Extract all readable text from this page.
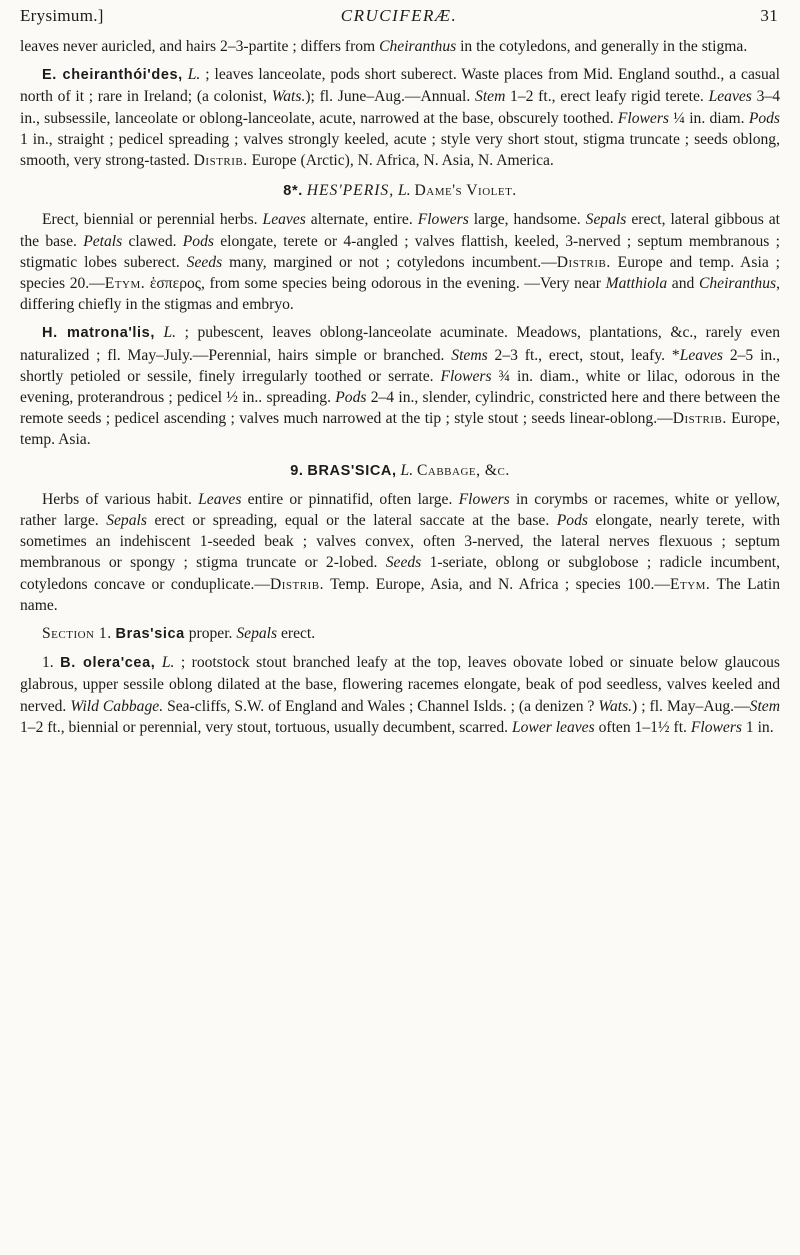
Erysimum.]	CRUCIFERÆ.	31

leaves never auricled, and hairs 2–3-partite ; differs from Cheiranthus in the cotyledons, and generally in the stigma.

E. cheiranthói'des, L. ; leaves lanceolate, pods short suberect. Waste places from Mid. England southd., a casual north of it ; rare in Ireland; (a colonist, Wats.); fl. June–Aug.—Annual. Stem 1–2 ft., erect leafy rigid terete. Leaves 3–4 in., subsessile, lanceolate or oblong-lanceolate, acute, narrowed at the base, obscurely toothed. Flowers ¼ in. diam. Pods 1 in., straight ; pedicel spreading ; valves strongly keeled, acute ; style very short stout, stigma truncate ; seeds oblong, smooth, very strong-tasted. Distrib. Europe (Arctic), N. Africa, N. Asia, N. America.

8*. HES'PERIS, L. Dame's Violet.

Erect, biennial or perennial herbs. Leaves alternate, entire. Flowers large, handsome. Sepals erect, lateral gibbous at the base. Petals clawed. Pods elongate, terete or 4-angled ; valves flattish, keeled, 3-nerved ; septum membranous ; stigmatic lobes suberect. Seeds many, margined or not ; cotyledons incumbent.—Distrib. Europe and temp. Asia ; species 20.—Etym. ἑσπερος, from some species being odorous in the evening. —Very near Matthiola and Cheiranthus, differing chiefly in the stigmas and embryo.

H. matrona'lis, L. ; pubescent, leaves oblong-lanceolate acuminate. Meadows, plantations, &c., rarely even naturalized ; fl. May–July.—Perennial, hairs simple or branched. Stems 2–3 ft., erect, stout, leafy. *Leaves 2–5 in., shortly petioled or sessile, finely irregularly toothed or serrate. Flowers ¾ in. diam., white or lilac, odorous in the evening, proterandrous ; pedicel ½ in.. spreading. Pods 2–4 in., slender, cylindric, constricted here and there between the remote seeds ; pedicel ascending ; valves much narrowed at the tip ; style stout ; seeds linear-oblong.—Distrib. Europe, temp. Asia.

9. BRAS'SICA, L. Cabbage, &c.

Herbs of various habit. Leaves entire or pinnatifid, often large. Flowers in corymbs or racemes, white or yellow, rather large. Sepals erect or spreading, equal or the lateral saccate at the base. Pods elongate, nearly terete, with sometimes an indehiscent 1-seeded beak ; valves convex, often 3-nerved, the lateral nerves flexuous ; septum membranous or spongy ; stigma truncate or 2-lobed. Seeds 1-seriate, oblong or subglobose ; radicle incumbent, cotyledons concave or conduplicate.—Distrib. Temp. Europe, Asia, and N. Africa ; species 100.—Etym. The Latin name.

Section 1. Bras'sica proper. Sepals erect.

1. B. olera'cea, L. ; rootstock stout branched leafy at the top, leaves obovate lobed or sinuate below glaucous glabrous, upper sessile oblong dilated at the base, flowering racemes elongate, beak of pod seedless, valves keeled and nerved. Wild Cabbage. Sea-cliffs, S.W. of England and Wales ; Channel Islds. ; (a denizen ? Wats.) ; fl. May–Aug.—Stem 1–2 ft., biennial or perennial, very stout, tortuous, usually decumbent, scarred. Lower leaves often 1–1½ ft. Flowers 1 in.
